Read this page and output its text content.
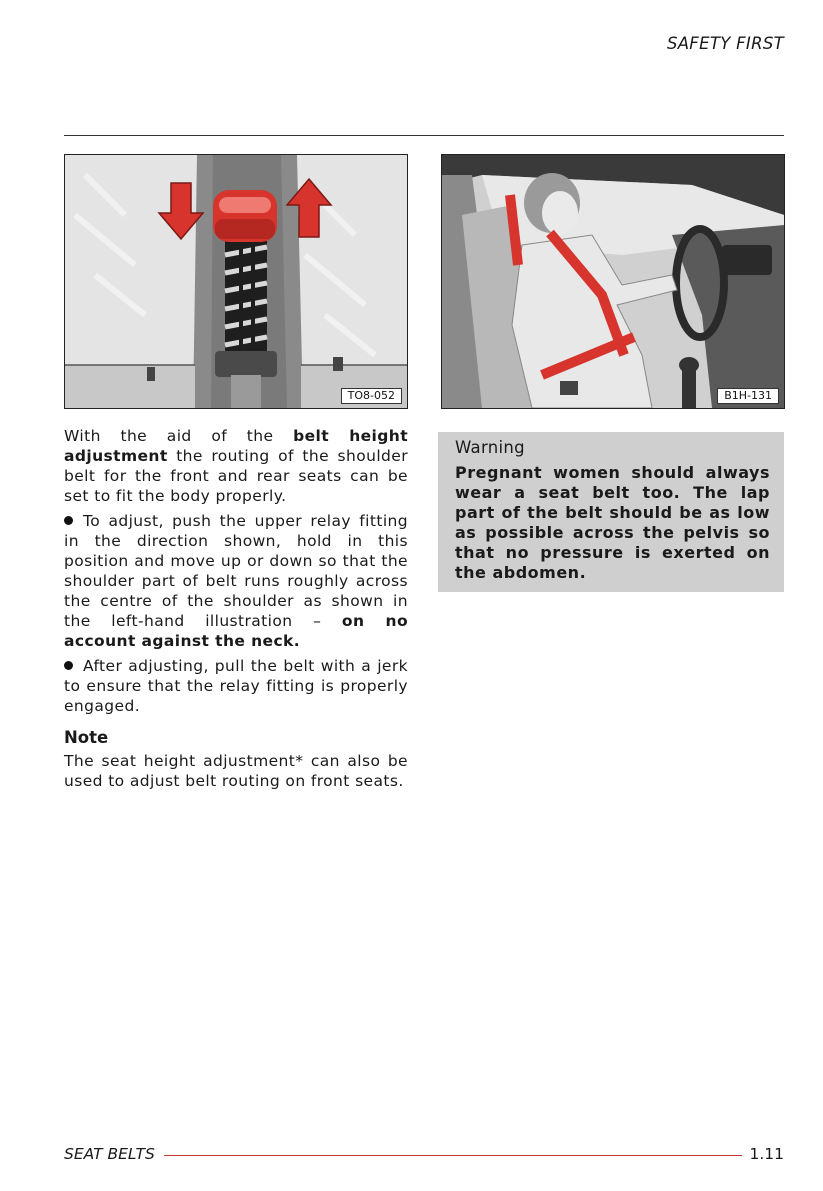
SAFETY FIRST
TO8-052	B1H-131

With the aid of the belt height adjustment the routing of the shoulder belt for the front and rear seats can be set to fit the body properly.

To adjust, push the upper relay fitting in the direction shown, hold in this position and move up or down so that the shoulder part of belt runs roughly across the centre of the shoulder as shown in the left-hand illustration – on no account against the neck.

After adjusting, pull the belt with a jerk to ensure that the relay fitting is properly engaged.

Note

The seat height adjustment* can also be used to adjust belt routing on front seats.

Warning

Pregnant women should always wear a seat belt too. The lap part of the belt should be as low as possible across the pelvis so that no pressure is exerted on the abdomen.

SEAT BELTS	1.11
